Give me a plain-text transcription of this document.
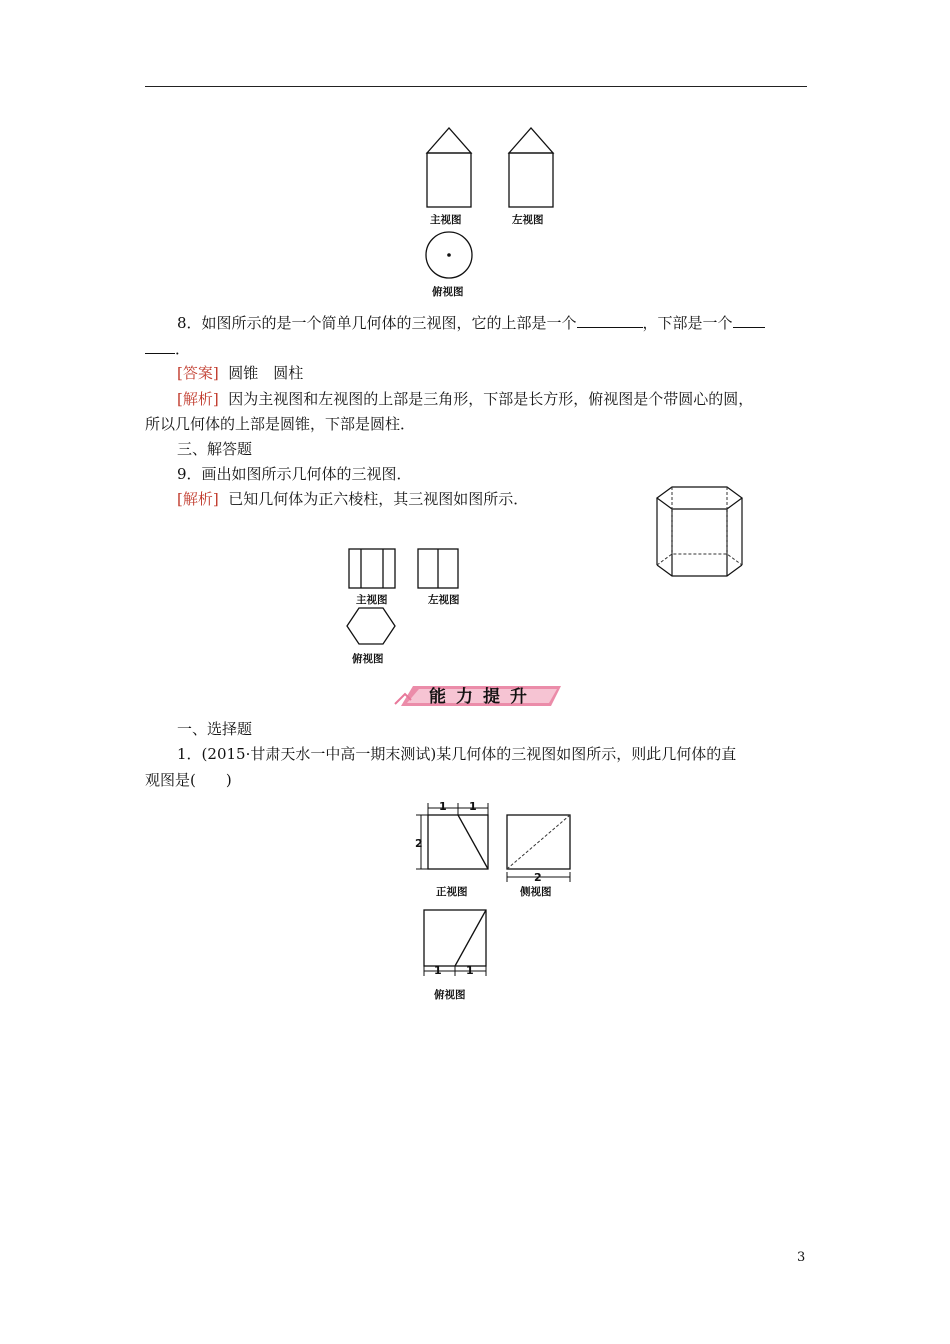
主视图	左视图
俯视图
8．如图所示的是一个简单几何体的三视图，它的上部是一个	，下部是一个
．
[答案] 圆锥　圆柱
[解析] 因为主视图和左视图的上部是三角形，下部是长方形，俯视图是个带圆心的圆，
所以几何体的上部是圆锥，下部是圆柱．
三、解答题
9．画出如图所示几何体的三视图．
[解析] 已知几何体为正六棱柱，其三视图如图所示．
主视图	左视图
俯视图
能力提升
一、选择题
1．(2015·甘肃天水一中高一期末测试)某几何体的三视图如图所示，则此几何体的直
观图是(　　)
1 1
2
2
1 1
正视图	侧视图
俯视图
3
